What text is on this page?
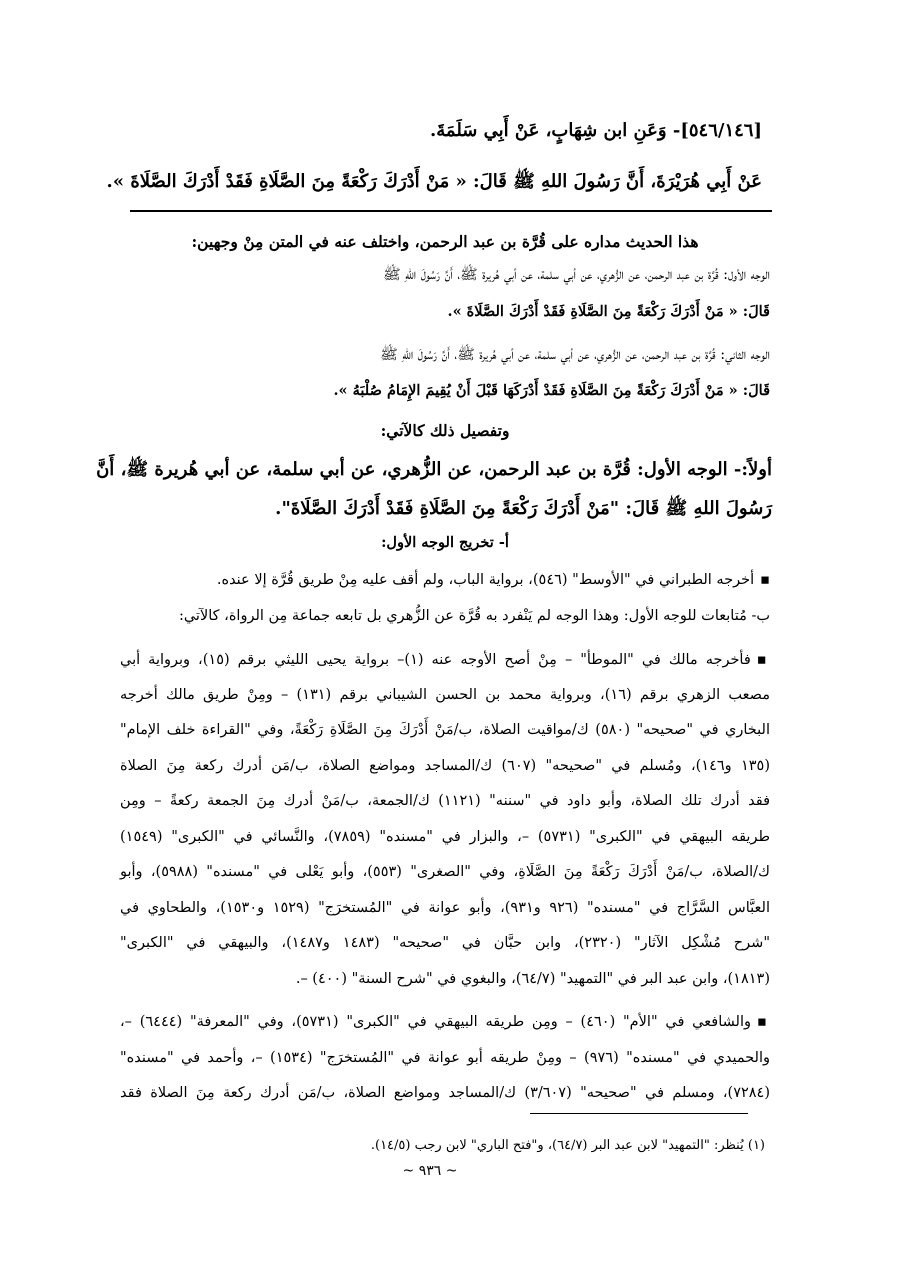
[٥٤٦/١٤٦]- وَعَنِ ابن شِهَابٍ، عَنْ أَبِي سَلَمَةَ.
عَنْ أَبِي هُرَيْرَةَ، أَنَّ رَسُولَ اللهِ ﷺ قَالَ: « مَنْ أَدْرَكَ رَكْعَةً مِنَ الصَّلَاةِ فَقَدْ أَدْرَكَ الصَّلَاةَ ».
هذا الحديث مداره على قُرَّة بن عبد الرحمن، واختلف عنه في المتن مِنْ وجهين:
الوجه الأول: قُرَّة بن عبد الرحمن، عن الزُّهري، عن أبي سلمة، عن أبي هُريرة ﷺ، أَنَّ رَسُولَ اللهِ ﷺ
قَالَ: « مَنْ أَدْرَكَ رَكْعَةً مِنَ الصَّلَاةِ فَقَدْ أَدْرَكَ الصَّلَاةَ ».
الوجه الثاني: قُرَّة بن عبد الرحمن، عن الزُّهري، عن أبي سلمة، عن أبي هُريرة ﷺ، أَنَّ رَسُولَ اللهِ ﷺ
قَالَ: « مَنْ أَدْرَكَ رَكْعَةً مِنَ الصَّلَاةِ فَقَدْ أَدْرَكَهَا قَبْلَ أَنْ يُقِيمَ الإِمَامُ صُلْبَهُ ».
وتفصيل ذلك كالآتي:
أولاً:- الوجه الأول: قُرَّة بن عبد الرحمن، عن الزُّهري، عن أبي سلمة، عن أبي هُريرة ﷺ، أَنَّ
رَسُولَ اللهِ ﷺ قَالَ: "مَنْ أَدْرَكَ رَكْعَةً مِنَ الصَّلَاةِ فَقَدْ أَدْرَكَ الصَّلَاةَ".
أ- تخريج الوجه الأول:
▪ أخرجه الطبراني في "الأوسط" (٥٤٦)، برواية الباب، ولم أقف عليه مِنْ طريق قُرَّة إلا عنده.
ب- مُتابعات للوجه الأول: وهذا الوجه لم يَنْفرد به قُرَّة عن الزُّهري بل تابعه جماعة مِن الرواة، كالآتي:
▪ فأخرجه مالك في "الموطأ" – مِنْ أصح الأوجه عنه (١)– برواية يحيى الليثي برقم (١٥)، وبرواية أبي
مصعب الزهري برقم (١٦)، وبرواية محمد بن الحسن الشيباني برقم (١٣١) – ومِنْ طريق مالك أخرجه
البخاري في "صحيحه" (٥٨٠) ك/مواقيت الصلاة، ب/مَنْ أَدْرَكَ مِنَ الصَّلَاةِ رَكْعَةً، وفي "القراءة خلف الإمام"
(١٣٥ و١٤٦)، ومُسلم في "صحيحه" (٦٠٧) ك/المساجد ومواضع الصلاة، ب/مَن أدرك ركعة مِنَ الصلاة
فقد أدرك تلك الصلاة، وأبو داود في "سننه" (١١٢١) ك/الجمعة، ب/مَنْ أدرك مِنَ الجمعة ركعةً – ومِن
طريقه البيهقي في "الكبرى" (٥٧٣١) –، والبزار في "مسنده" (٧٨٥٩)، والنَّسائي في "الكبرى" (١٥٤٩)
ك/الصلاة، ب/مَنْ أَدْرَكَ رَكْعَةً مِنَ الصَّلَاةِ، وفي "الصغرى" (٥٥٣)، وأبو يَعْلى في "مسنده" (٥٩٨٨)، وأبو
العبَّاس السَّرَّاج في "مسنده" (٩٢٦ و٩٣١)، وأبو عوانة في "المُستخرَج" (١٥٢٩ و١٥٣٠)، والطحاوي في
"شرح مُشْكِل الآثار" (٢٣٢٠)، وابن حبَّان في "صحيحه" (١٤٨٣ و١٤٨٧)، والبيهقي في "الكبرى"
(١٨١٣)، وابن عبد البر في "التمهيد" (٦٤/٧)، والبغوي في "شرح السنة" (٤٠٠) –.
▪ والشافعي في "الأم" (٤٦٠) – ومِن طريقه البيهقي في "الكبرى" (٥٧٣١)، وفي "المعرفة" (٦٤٤٤) –،
والحميدي في "مسنده" (٩٧٦) – ومِنْ طريقه أبو عوانة في "المُستخرَج" (١٥٣٤) –، وأحمد في "مسنده"
(٧٢٨٤)، ومسلم في "صحيحه" (٣/٦٠٧) ك/المساجد ومواضع الصلاة، ب/مَن أدرك ركعة مِنَ الصلاة فقد
(١) يُنظر: "التمهيد" لابن عبد البر (٦٤/٧)، و"فتح الباري" لابن رجب (١٤/٥).
~ ٩٣٦ ~
